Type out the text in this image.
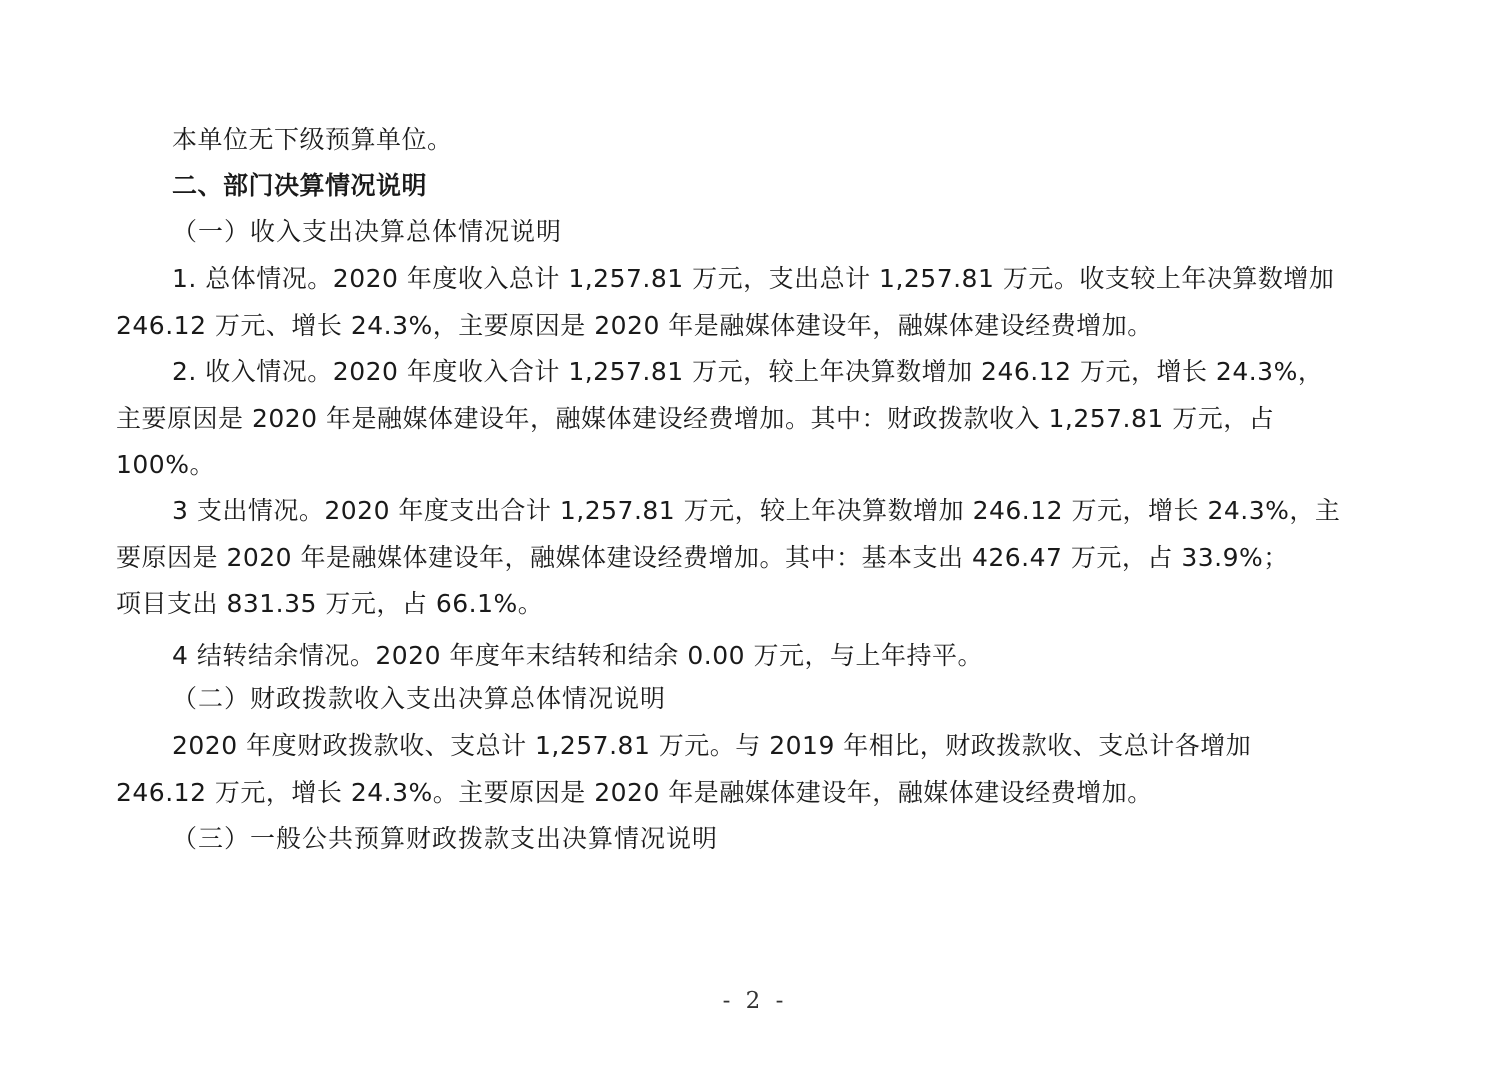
本单位无下级预算单位。

二、部门决算情况说明

（一）收入支出决算总体情况说明

1. 总体情况。2020 年度收入总计 1,257.81 万元，支出总计 1,257.81 万元。收支较上年决算数增加

246.12 万元、增长 24.3%，主要原因是 2020 年是融媒体建设年，融媒体建设经费增加。

2. 收入情况。2020 年度收入合计 1,257.81 万元，较上年决算数增加 246.12 万元，增长 24.3%，

主要原因是 2020 年是融媒体建设年，融媒体建设经费增加。其中：财政拨款收入 1,257.81 万元，占

100%。

3 支出情况。2020 年度支出合计 1,257.81 万元，较上年决算数增加 246.12 万元，增长 24.3%，主

要原因是 2020 年是融媒体建设年，融媒体建设经费增加。其中：基本支出 426.47 万元，占 33.9%；

项目支出 831.35 万元，占 66.1%。

4 结转结余情况。2020 年度年末结转和结余 0.00 万元，与上年持平。

（二）财政拨款收入支出决算总体情况说明

2020 年度财政拨款收、支总计 1,257.81 万元。与 2019 年相比，财政拨款收、支总计各增加

246.12 万元，增长 24.3%。主要原因是 2020 年是融媒体建设年，融媒体建设经费增加。

（三）一般公共预算财政拨款支出决算情况说明

- 2 -
